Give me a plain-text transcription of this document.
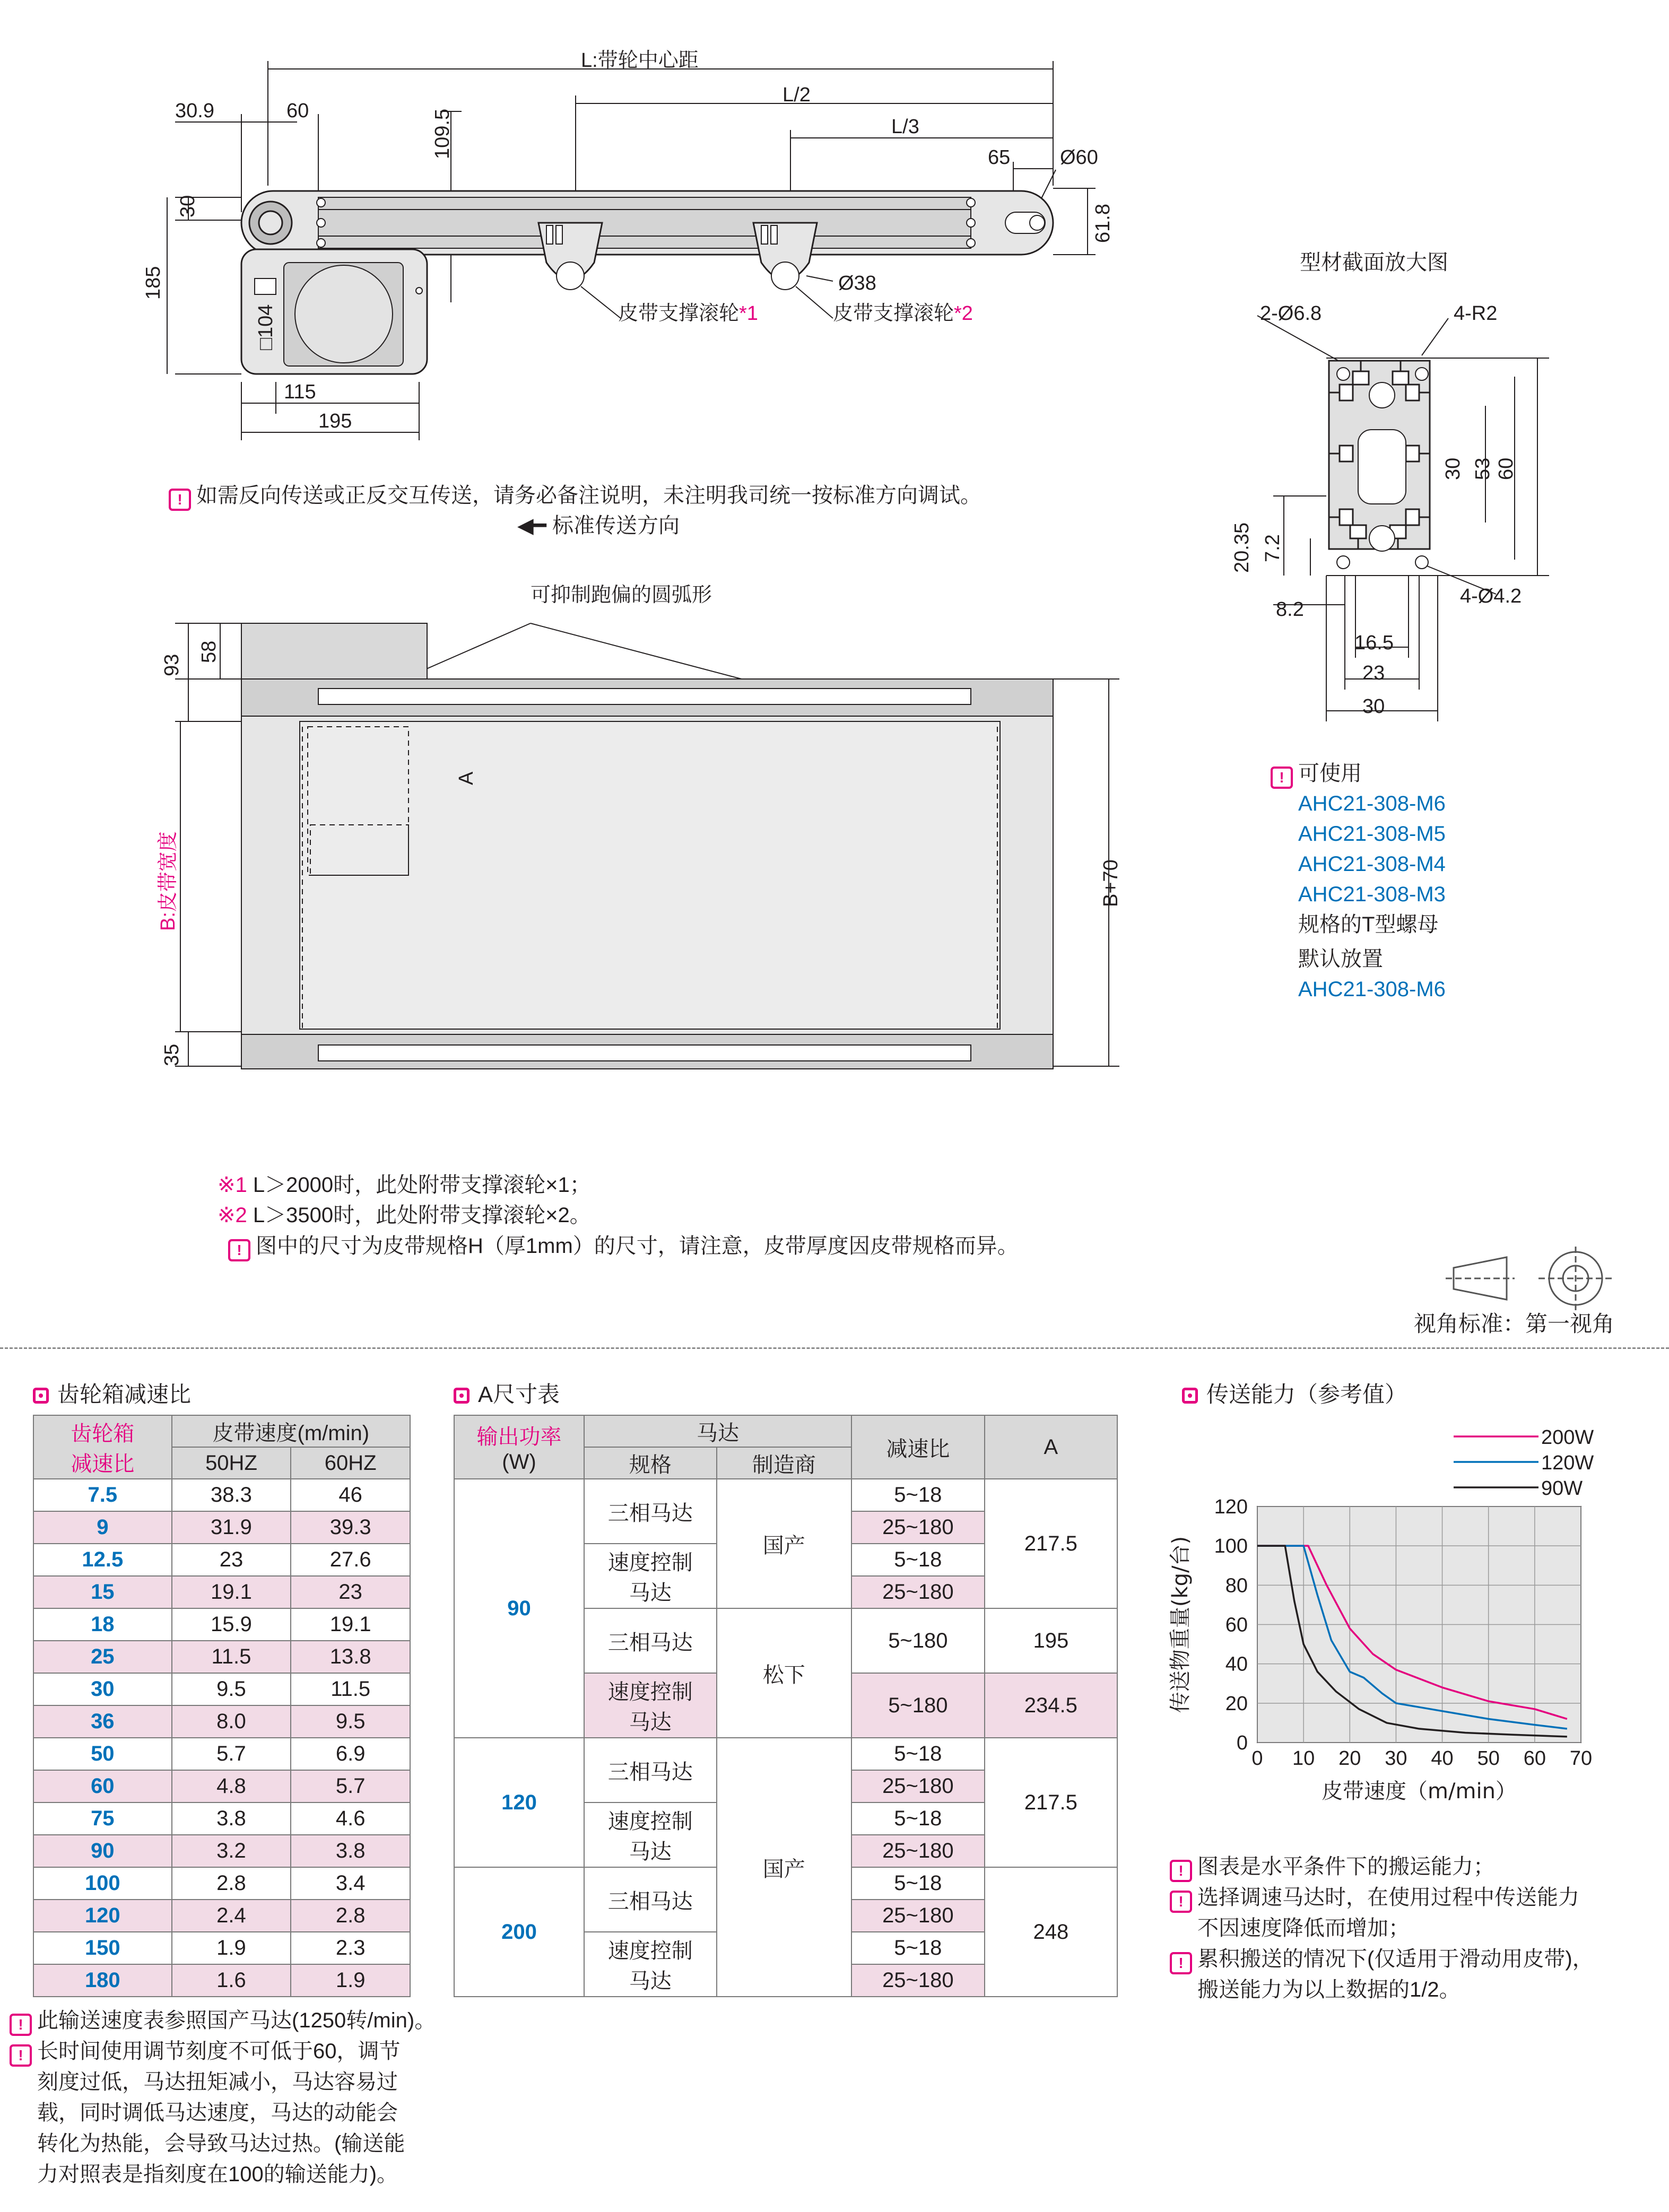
L:带轮中心距
L/2
L/3
30.9	60	109.5
30
185
□104
115
195
65 Ø60
61.8
Ø38
皮带支撑滚轮*1	皮带支撑滚轮*2
! 如需反向传送或正反交互传送，请务必备注说明，未注明我司统一按标准方向调试。
◀━ 标准传送方向
型材截面放大图
2-Ø6.8	4-R2
30 53 60
20.35 7.2
4-Ø4.2
8.2
16.5
23
30
! 可使用
AHC21-308-M6
AHC21-308-M5
AHC21-308-M4
AHC21-308-M3
规格的T型螺母
默认放置
AHC21-308-M6
可抑制跑偏的圆弧形
93
58
A
B:皮带宽度	B+70
35
※1 L＞2000时，此处附带支撑滚轮×1；
※2 L＞3500时，此处附带支撑滚轮×2。
! 图中的尺寸为皮带规格H（厚1mm）的尺寸，请注意，皮带厚度因皮带规格而异。
视角标准：第一视角
齿轮箱减速比
齿轮箱
减速比	皮带速度(m/min)	
	50HZ	60HZ
7.5	38.3	46
9	31.9	39.3
12.5	23	27.6
15	19.1	23
18	15.9	19.1
25	11.5	13.8
30	9.5	11.5
36	8.0	9.5
50	5.7	6.9
60	4.8	5.7
75	3.8	4.6
90	3.2	3.8
100	2.8	3.4
120	2.4	2.8
150	1.9	2.3
180	1.6	1.9
! 此输送速度表参照国产马达(1250转/min)。
! 长时间使用调节刻度不可低于60，调节
刻度过低，马达扭矩减小，马达容易过
载，同时调低马达速度，马达的动能会
转化为热能，会导致马达过热。(输送能
力对照表是指刻度在100的输送能力)。
A尺寸表
输出功率
(W)	马达		减速比	A
	规格	制造商		
90	三相马达	国产	5~18	217.5
			25~180	
	速度控制
马达		5~18	
			25~180	
	三相马达	松下	5~180	195

	速度控制
马达		5~180	234.5

120	三相马达	国产	5~18	217.5
			25~180	
	速度控制
马达		5~18	
			25~180	
200	三相马达		5~18	248
			25~180	
	速度控制
马达		5~18	
			25~180	
传送能力（参考值）
0 10 20 30 40 50 60 70
0
20
40
60
80
100
120
皮带速度（m/min）
传送物重量(kg/台)
200W
120W
90W
! 图表是水平条件下的搬运能力；
! 选择调速马达时，在使用过程中传送能力
不因速度降低而增加；
! 累积搬送的情况下(仅适用于滑动用皮带)，
搬送能力为以上数据的1/2。
